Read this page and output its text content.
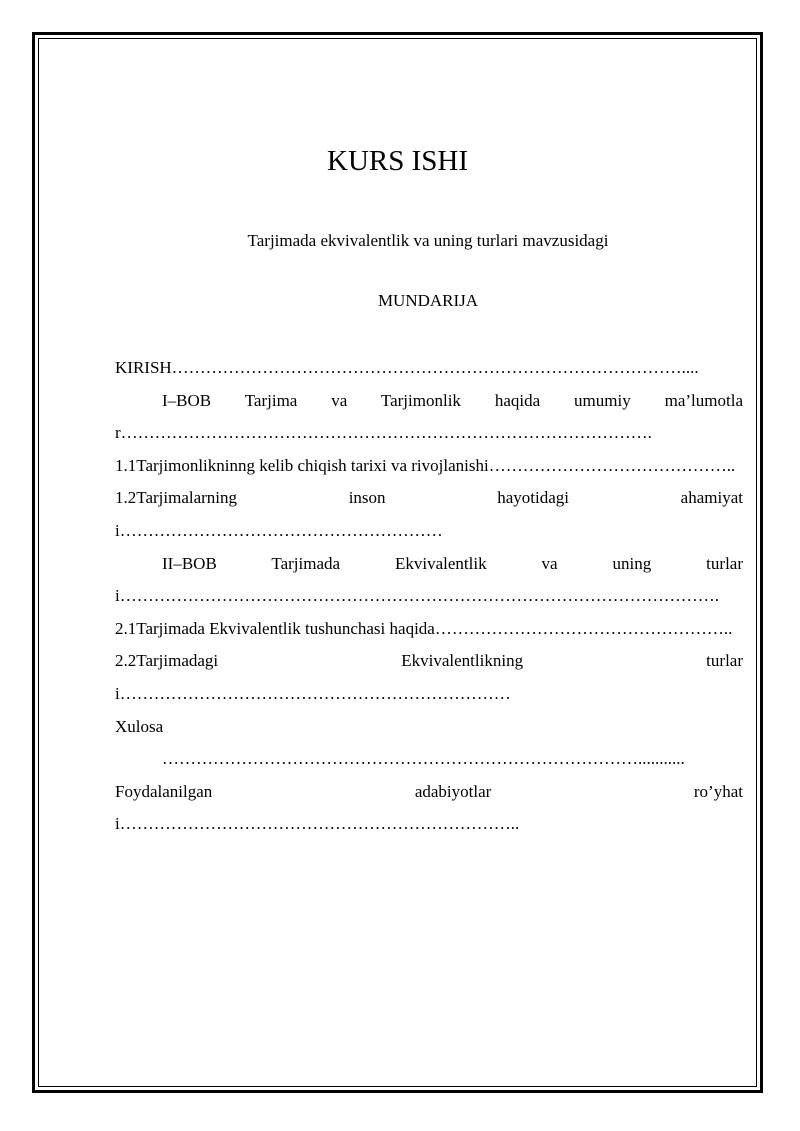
KURS ISHI
Tarjimada ekvivalentlik va uning turlari mavzusidagi
MUNDARIJA
KIRISH………………………………………………………………………………....
I–BOB Tarjima va Tarjimonlik haqida umumiy ma’lumotlar………………………………………………………………………………….
1.1Tarjimonlikninng kelib chiqish tarixi va rivojlanishi……………………………………..
1.2Tarjimalarning inson hayotidagi ahamiyati…………………………………………………
II–BOB Tarjimada Ekvivalentlik va uning turlari…………………………………………………………………………………………….
2.1Tarjimada Ekvivalentlik tushunchasi haqida……………………………………………..
2.2Tarjimadagi Ekvivalentlikning turlari……………………………………………………………
Xulosa
…………………………………………………………………………...........
Foydalanilgan adabiyotlar ro’yhati……………………………………………………………..
